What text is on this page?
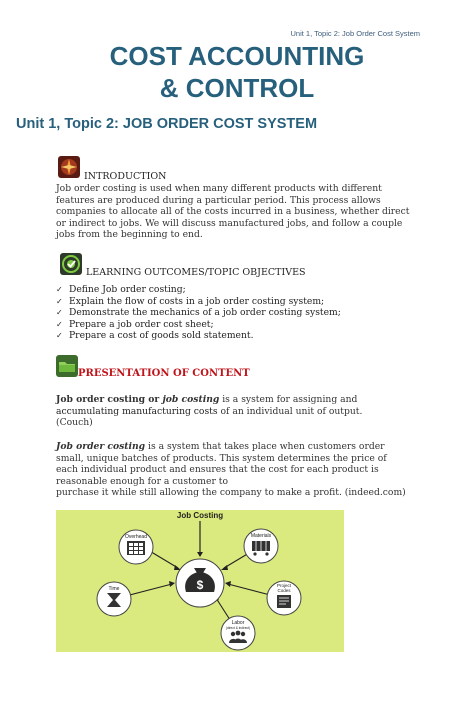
Unit 1, Topic 2: Job Order Cost System
COST ACCOUNTING
& CONTROL
Unit 1, Topic 2: JOB ORDER COST SYSTEM
INTRODUCTION
Job order costing is used when many different products with different
features are produced during a particular period. This process allows
companies to allocate all of the costs incurred in a business, whether direct
or indirect to jobs. We will discuss manufactured jobs, and follow a couple
jobs from the beginning to end.
LEARNING OUTCOMES/TOPIC OBJECTIVES
✓ Define Job order costing;
✓ Explain the flow of costs in a job order costing system;
✓ Demonstrate the mechanics of a job order costing system;
✓ Prepare a job order cost sheet;
✓ Prepare a cost of goods sold statement.
PRESENTATION OF CONTENT
Job order costing or job costing is a system for assigning and
accumulating manufacturing costs of an individual unit of output.
(Couch)
Job order costing is a system that takes place when customers order
small, unique batches of products. This system determines the price of
each individual product and ensures that the cost for each product is
reasonable enough for a customer to
purchase it while still allowing the company to make a profit. (indeed.com)
Job Costing
$
Overhead	Materials
Time
Project
Codes
Labor
(direct & indirect)
